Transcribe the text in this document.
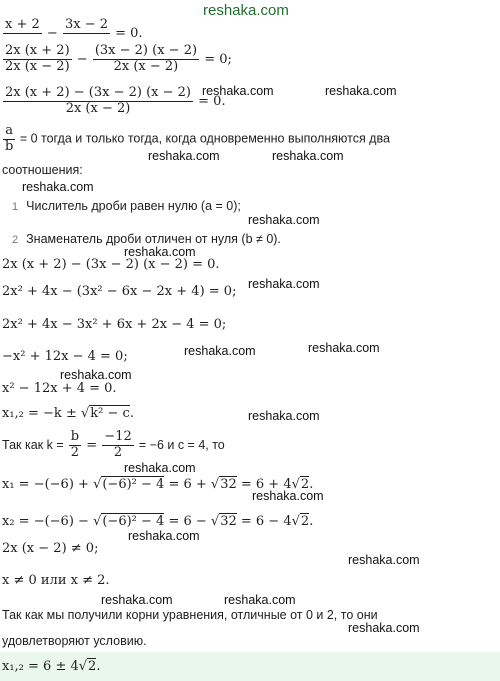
reshaka.com
reshaka.com	reshaka.com
reshaka.com	reshaka.com
reshaka.com
reshaka.com
reshaka.com
reshaka.com
reshaka.com	reshaka.com
reshaka.com
reshaka.com
reshaka.com
reshaka.com
reshaka.com
reshaka.com
reshaka.com	reshaka.com
reshaka.com
x + 2

−
3x − 2

= 0.
$\frac{2x (x + 2)}{2x (x - 2)} - \frac{(3x - 2) (x - 2)}{2x (x - 2)} = 0$;
$\frac{2x (x + 2) - (3x - 2) (x - 2)}{2x (x - 2)} = 0$.
$\frac{a}{b} = 0$ тогда и только тогда, когда одновременно выполняются два
соотношения:
1 Числитель дроби равен нулю (a = 0);
2 Знаменатель дроби отличен от нуля (b ≠ 0).
2x (x + 2) − (3x − 2) (x − 2) = 0.
2x² + 4x − (3x² − 6x − 2x + 4) = 0;
2x² + 4x − 3x² + 6x + 2x − 4 = 0;
−x² + 12x − 4 = 0;
x² − 12x + 4 = 0.
x₁,₂ = −k ± √k² − c.
Так как $k = \frac{b}{2} = \frac{-12}{2} = -6$ и c = 4, то
x₁ = −(−6) + √(−6)² − 4 = 6 + √32 = 6 + 4√2.
x₂ = −(−6) − √(−6)² − 4 = 6 − √32 = 6 − 4√2.
2x (x − 2) ≠ 0;
x ≠ 0 или x ≠ 2.
Так как мы получили корни уравнения, отличные от 0 и 2, то они
удовлетворяют условию.
x₁,₂ = 6 ± 4√2.
